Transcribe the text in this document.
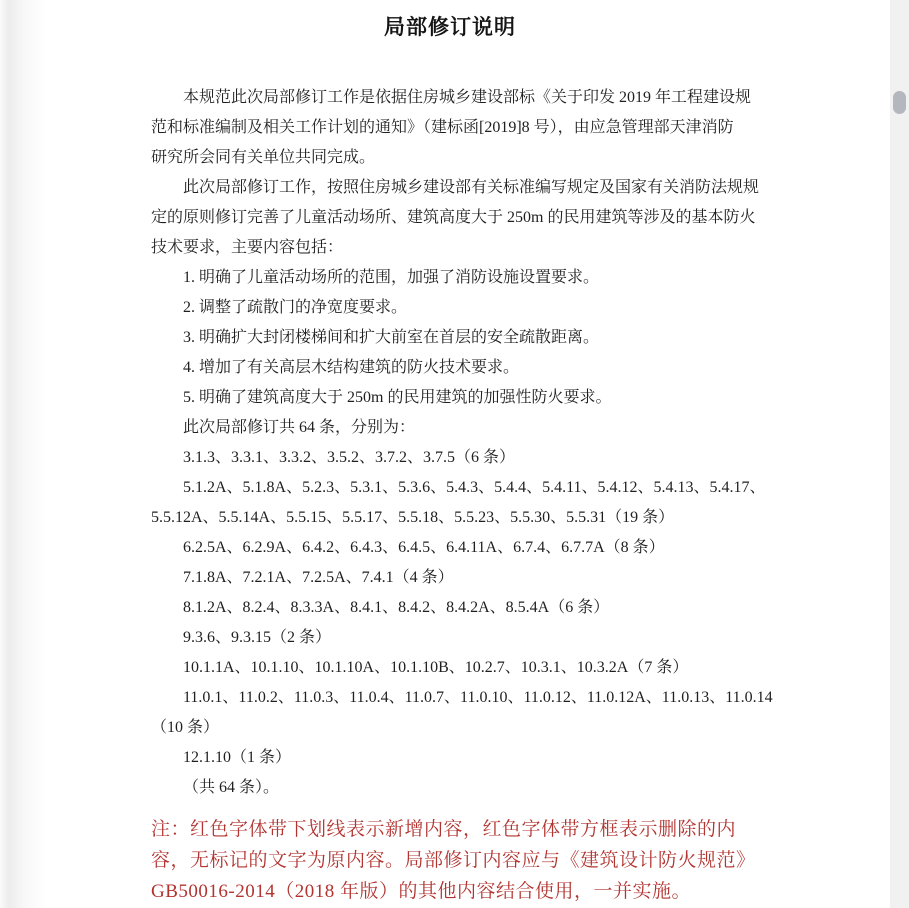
局部修订说明
本规范此次局部修订工作是依据住房城乡建设部标《关于印发 2019 年工程建设规
范和标准编制及相关工作计划的通知》（建标函[2019]8 号），由应急管理部天津消防
研究所会同有关单位共同完成。
此次局部修订工作，按照住房城乡建设部有关标准编写规定及国家有关消防法规规
定的原则修订完善了儿童活动场所、建筑高度大于 250m 的民用建筑等涉及的基本防火
技术要求，主要内容包括：
1. 明确了儿童活动场所的范围，加强了消防设施设置要求。
2. 调整了疏散门的净宽度要求。
3. 明确扩大封闭楼梯间和扩大前室在首层的安全疏散距离。
4. 增加了有关高层木结构建筑的防火技术要求。
5. 明确了建筑高度大于 250m 的民用建筑的加强性防火要求。
此次局部修订共 64 条，分别为：
3.1.3、3.3.1、3.3.2、3.5.2、3.7.2、3.7.5（6 条）
5.1.2A、5.1.8A、5.2.3、5.3.1、5.3.6、5.4.3、5.4.4、5.4.11、5.4.12、5.4.13、5.4.17、
5.5.12A、5.5.14A、5.5.15、5.5.17、5.5.18、5.5.23、5.5.30、5.5.31（19 条）
6.2.5A、6.2.9A、6.4.2、6.4.3、6.4.5、6.4.11A、6.7.4、6.7.7A（8 条）
7.1.8A、7.2.1A、7.2.5A、7.4.1（4 条）
8.1.2A、8.2.4、8.3.3A、8.4.1、8.4.2、8.4.2A、8.5.4A（6 条）
9.3.6、9.3.15（2 条）
10.1.1A、10.1.10、10.1.10A、10.1.10B、10.2.7、10.3.1、10.3.2A（7 条）
11.0.1、11.0.2、11.0.3、11.0.4、11.0.7、11.0.10、11.0.12、11.0.12A、11.0.13、11.0.14
（10 条）
12.1.10（1 条）
（共 64 条）。
注：红色字体带下划线表示新增内容，红色字体带方框表示删除的内
容，无标记的文字为原内容。局部修订内容应与《建筑设计防火规范》
GB50016-2014（2018 年版）的其他内容结合使用，一并实施。
